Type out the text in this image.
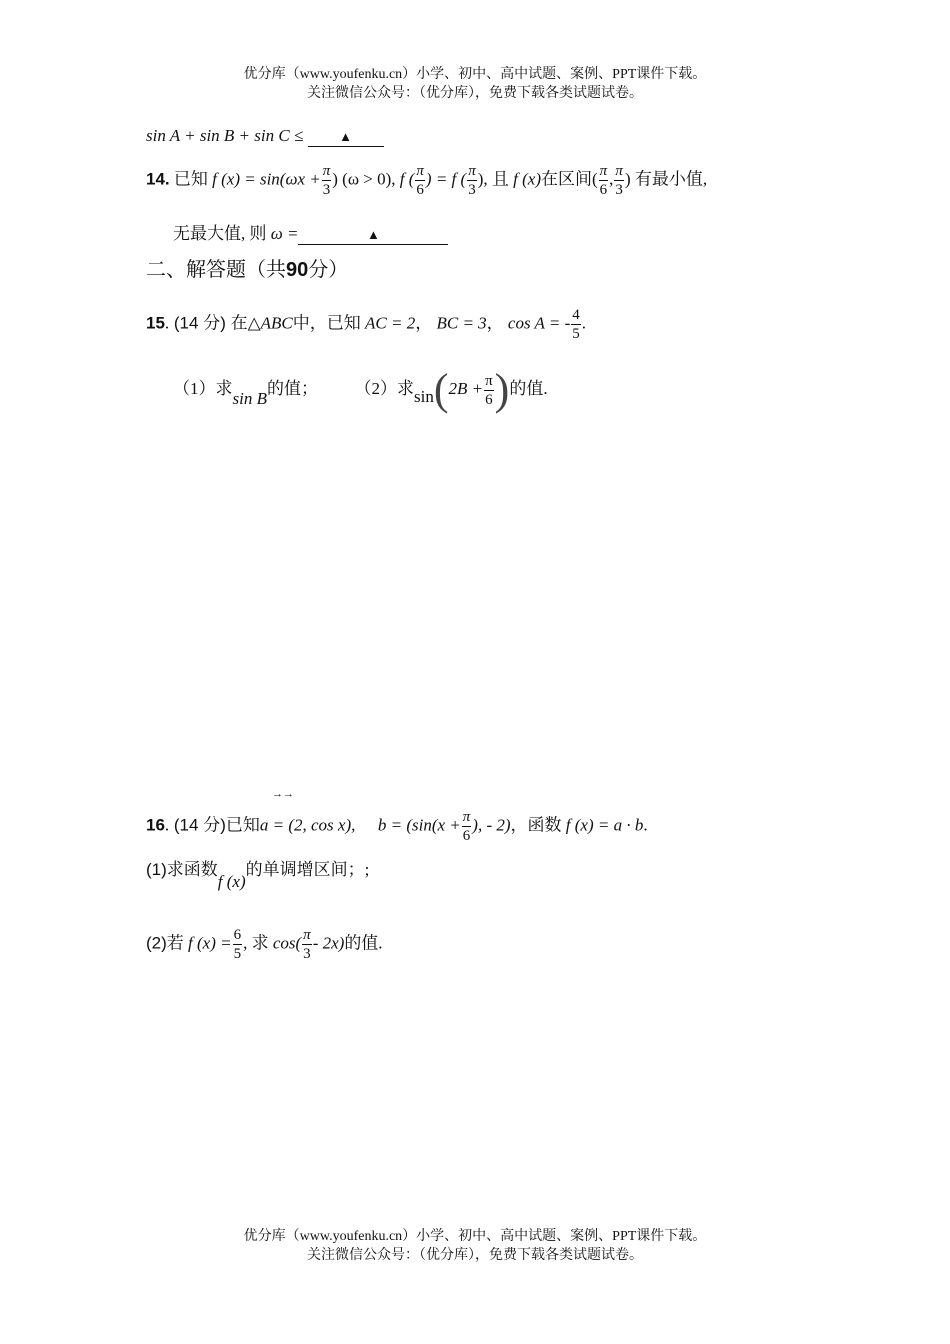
优分库（www.youfenku.cn）小学、初中、高中试题、案例、PPT课件下载。
关注微信公众号：（优分库），免费下载各类试题试卷。
sin A + sin B + sin C ≤	▲
14. 已知 f $(x) = \sin(\omega x + \frac{\pi}{3}$ ) (ω > 0), f ( $\frac{\pi}{6}$ ) = f ( $\frac{\pi}{3}$ ), 且 f (x)在区间( $\frac{\pi}{6}$ , $\frac{\pi}{3}$ ) 有最小值,
无最大值, 则 ω =	▲
二、解答题（共90分）
15. (14 分) 在△ABC中，已知 AC = 2， BC = 3， cos A = - $\frac{4}{5}$ .
（1）求sin B的值； （2）求$\sin(2B + \frac{\pi}{6}$ )的值.
→→
16. (14 分)已知a = (2, cos x), $b = (\sin(x + \frac{\pi}{6}$ ), - 2)，函数 f (x) = a · b.
(1)求函数f (x)的单调增区间；;
(2)若 f $(x) = \frac{6}{5}$ , 求 $\cos( \frac{\pi}{3} - 2x)$的值.
优分库（www.youfenku.cn）小学、初中、高中试题、案例、PPT课件下载。
关注微信公众号：（优分库），免费下载各类试题试卷。
